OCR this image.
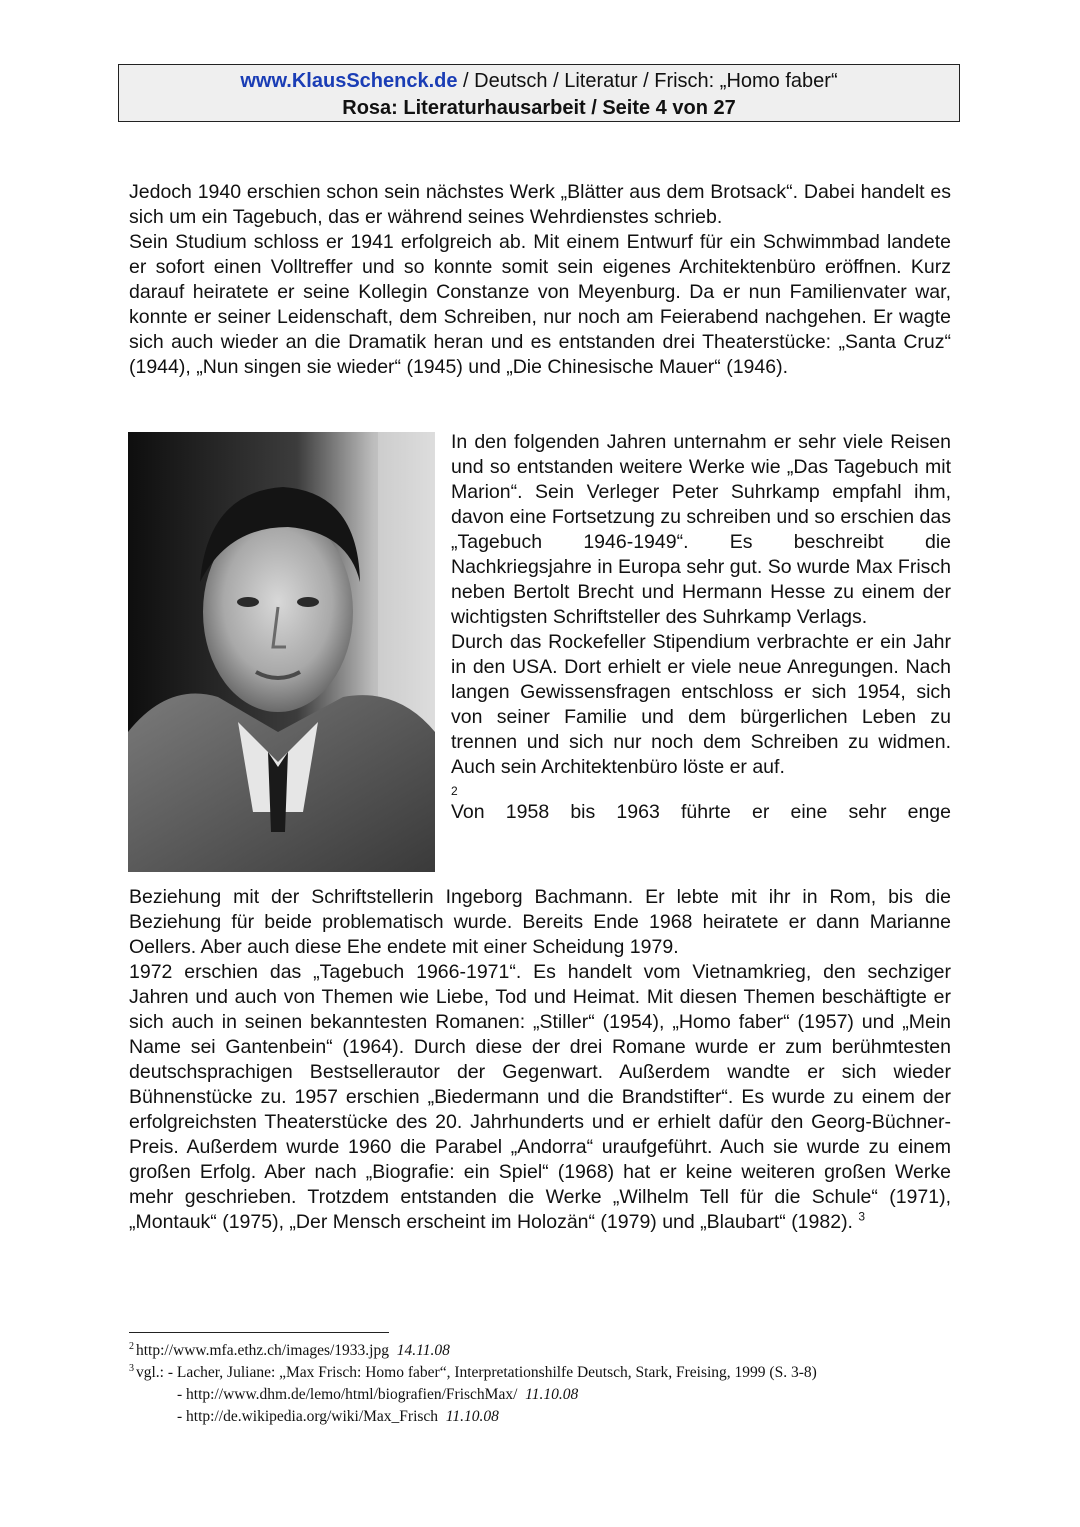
www.KlausSchenck.de / Deutsch / Literatur / Frisch: „Homo faber“
Rosa: Literaturhausarbeit / Seite 4 von 27

Jedoch 1940 erschien schon sein nächstes Werk „Blätter aus dem Brotsack“. Dabei handelt es sich um ein Tagebuch, das er während seines Wehrdienstes schrieb.

Sein Studium schloss er 1941 erfolgreich ab. Mit einem Entwurf für ein Schwimmbad landete er sofort einen Volltreffer und so konnte somit sein eigenes Architektenbüro eröffnen. Kurz darauf heiratete er seine Kollegin Constanze von Meyenburg. Da er nun Familienvater war, konnte er seiner Leidenschaft, dem Schreiben, nur noch am Feierabend nachgehen. Er wagte sich auch wieder an die Dramatik heran und es entstanden drei Theaterstücke: „Santa Cruz“ (1944), „Nun singen sie wieder“ (1945) und „Die Chinesische Mauer“ (1946).

In den folgenden Jahren unternahm er sehr viele Reisen und so entstanden weitere Werke wie „Das Tagebuch mit Marion“. Sein Verleger Peter Suhrkamp empfahl ihm, davon eine Fortsetzung zu schreiben und so erschien das „Tagebuch 1946-1949“. Es beschreibt die Nachkriegsjahre in Europa sehr gut. So wurde Max Frisch neben Bertolt Brecht und Hermann Hesse zu einem der wichtigsten Schriftsteller des Suhrkamp Verlags.

Durch das Rockefeller Stipendium verbrachte er ein Jahr in den USA. Dort erhielt er viele neue Anregungen. Nach langen Gewissensfragen entschloss er sich 1954, sich von seiner Familie und dem bürgerlichen Leben zu trennen und sich nur noch dem Schreiben zu widmen. Auch sein Architektenbüro löste er auf.

2

Von 1958 bis 1963 führte er eine sehr enge

Beziehung mit der Schriftstellerin Ingeborg Bachmann. Er lebte mit ihr in Rom, bis die Beziehung für beide problematisch wurde. Bereits Ende 1968 heiratete er dann Marianne Oellers. Aber auch diese Ehe endete mit einer Scheidung 1979.

1972 erschien das „Tagebuch 1966-1971“. Es handelt vom Vietnamkrieg, den sechziger Jahren und auch von Themen wie Liebe, Tod und Heimat. Mit diesen Themen beschäftigte er sich auch in seinen bekanntesten Romanen: „Stiller“ (1954), „Homo faber“ (1957) und „Mein Name sei Gantenbein“ (1964). Durch diese der drei Romane wurde er zum berühmtesten deutschsprachigen Bestsellerautor der Gegenwart. Außerdem wandte er sich wieder Bühnenstücke zu. 1957 erschien „Biedermann und die Brandstifter“. Es wurde zu einem der erfolgreichsten Theaterstücke des 20. Jahrhunderts und er erhielt dafür den Georg-Büchner-Preis. Außerdem wurde 1960 die Parabel „Andorra“ uraufgeführt. Auch sie wurde zu einem großen Erfolg. Aber nach „Biografie: ein Spiel“ (1968) hat er keine weiteren großen Werke mehr geschrieben. Trotzdem entstanden die Werke „Wilhelm Tell für die Schule“ (1971), „Montauk“ (1975), „Der Mensch erscheint im Holozän“ (1979) und „Blaubart“ (1982). $^3$

$^2$ http://www.mfa.ethz.ch/images/1933.jpg 14.11.08
$^3$ vgl.: - Lacher, Juliane: „Max Frisch: Homo faber“, Interpretationshilfe Deutsch, Stark, Freising, 1999 (S. 3-8)
- http://www.dhm.de/lemo/html/biografien/FrischMax/ 11.10.08
- http://de.wikipedia.org/wiki/Max_Frisch 11.10.08
